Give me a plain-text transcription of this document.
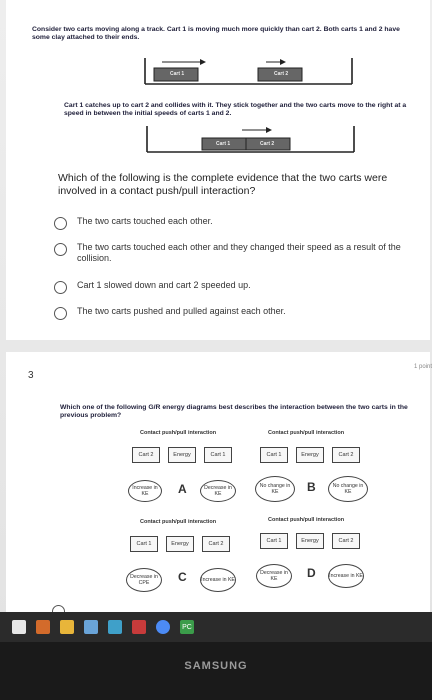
Consider two carts moving along a track. Cart 1 is moving much more quickly than cart 2. Both carts 1 and 2 have some clay attached to their ends.
Cart 1	Cart 2
Cart 1 catches up to cart 2 and collides with it. They stick together and the two carts move to the right at a speed in between the initial speeds of carts 1 and 2.
Cart 1	Cart 2
Which of the following is the complete evidence that the two carts were involved in a contact push/pull interaction?
The two carts touched each other.
The two carts touched each other and they changed their speed as a result of the collision.
Cart 1 slowed down and cart 2 speeded up.
The two carts pushed and pulled against each other.
3
1 point
Which one of the following G/R energy diagrams best describes the interaction between the two carts in the previous problem?
Contact push/pull interaction
Cart 2	Energy	Cart 1
Increase in KE	A	Decrease in KE
Contact push/pull interaction
Cart 1	Energy	Cart 2
No change in KE	B	No change in KE
Contact push/pull interaction
Cart 1	Energy	Cart 2
Decrease in CPE	C	Increase in KE
Contact push/pull interaction
Cart 1	Energy	Cart 2
Decrease in KE	D	Increase in KE
PC
SAMSUNG
